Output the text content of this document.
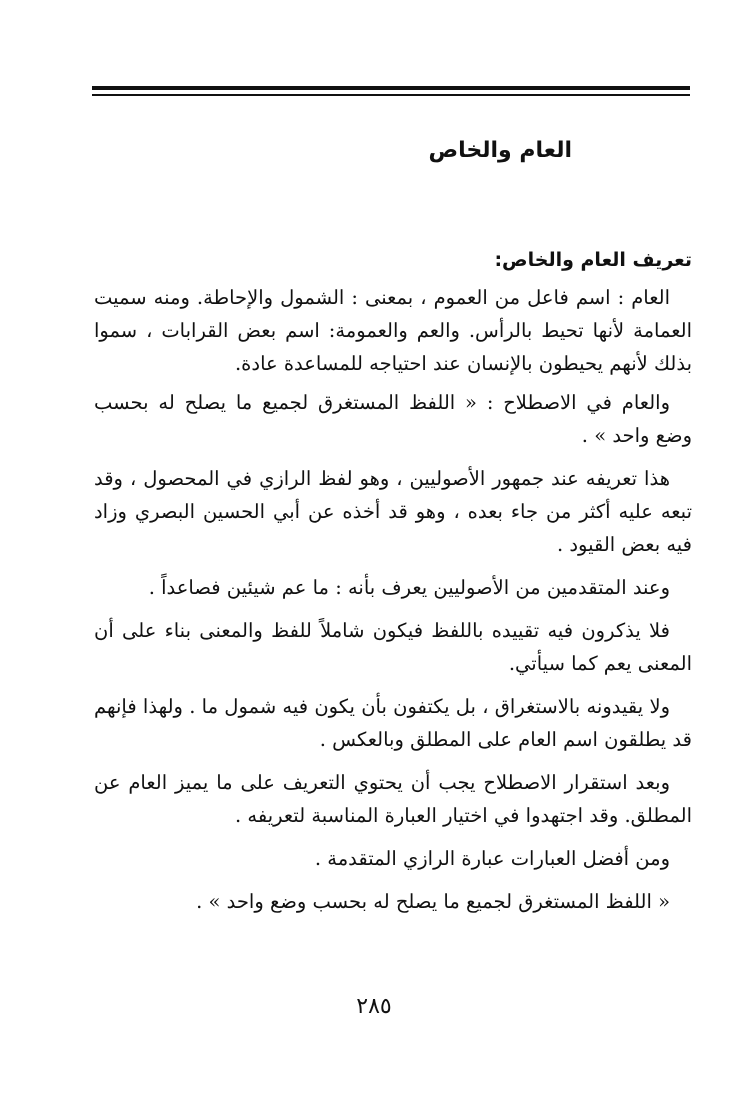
العام والخاص

تعريف العام والخاص:

العام : اسم فاعل من العموم ، بمعنى : الشمول والإحاطة. ومنه سميت العمامة لأنها تحيط بالرأس. والعم والعمومة: اسم بعض القرابات ، سموا بذلك لأنهم يحيطون بالإنسان عند احتياجه للمساعدة عادة.

والعام في الاصطلاح : « اللفظ المستغرق لجميع ما يصلح له بحسب وضع واحد » .

هذا تعريفه عند جمهور الأصوليين ، وهو لفظ الرازي في المحصول ، وقد تبعه عليه أكثر من جاء بعده ، وهو قد أخذه عن أبي الحسين البصري وزاد فيه بعض القيود .

وعند المتقدمين من الأصوليين يعرف بأنه : ما عم شيئين فصاعداً .

فلا يذكرون فيه تقييده باللفظ فيكون شاملاً للفظ والمعنى بناء على أن المعنى يعم كما سيأتي.

ولا يقيدونه بالاستغراق ، بل يكتفون بأن يكون فيه شمول ما . ولهذا فإنهم قد يطلقون اسم العام على المطلق وبالعكس .

وبعد استقرار الاصطلاح يجب أن يحتوي التعريف على ما يميز العام عن المطلق. وقد اجتهدوا في اختيار العبارة المناسبة لتعريفه .

ومن أفضل العبارات عبارة الرازي المتقدمة .

« اللفظ المستغرق لجميع ما يصلح له بحسب وضع واحد » .

٢٨٥
